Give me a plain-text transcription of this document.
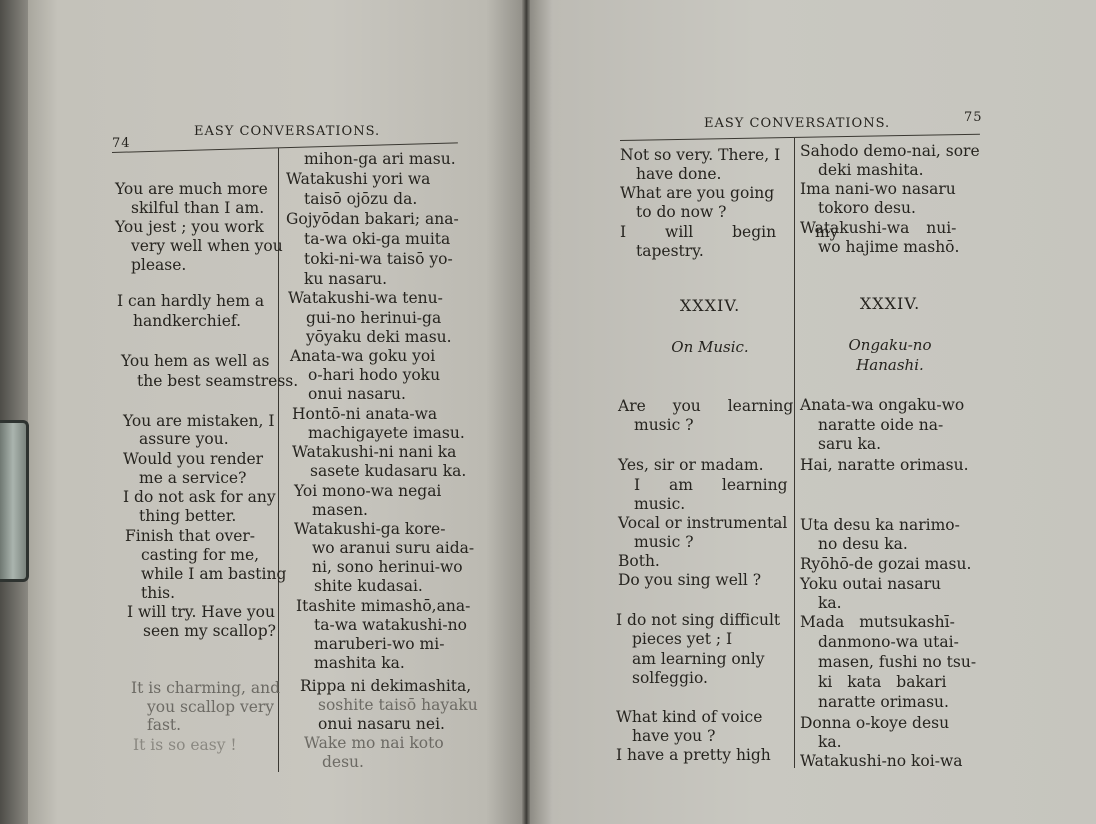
74
EASY CONVERSATIONS.
You are much more
skilful than I am.
You jest ; you work
very well when you
please.
I can hardly hem a
handkerchief.
You hem as well as
the best seamstress.
You are mistaken, I
assure you.
Would you render
me a service?
I do not ask for any
thing better.
Finish that over-
casting for me,
while I am basting
this.
I will try. Have you
seen my scallop?
It is charming, and
you scallop very
fast.
It is so easy !
mihon-ga ari masu.
Watakushi yori wa
taisō ojōzu da.
Gojyōdan bakari; ana-
ta-wa oki-ga muita
toki-ni-wa taisō yo-
ku nasaru.
Watakushi-wa tenu-
gui-no herinui-ga
yōyaku deki masu.
Anata-wa goku yoi
o-hari hodo yoku
onui nasaru.
Hontō-ni anata-wa
machigayete imasu.
Watakushi-ni nani ka
sasete kudasaru ka.
Yoi mono-wa negai
masen.
Watakushi-ga kore-
wo aranui suru aida-
ni, sono herinui-wo
shite kudasai.
Itashite mimashō,ana-
ta-wa watakushi-no
maruberi-wo mi-
mashita ka.
Rippa ni dekimashita,
soshite taisō hayaku
onui nasaru nei.
Wake mo nai koto
desu.
EASY CONVERSATIONS.	75
Not so very. There, I
have done.
What are you going
to do now ?
I will begin my
tapestry.
XXXIV.
On Music.
Are you learning
music ?
Yes, sir or madam.
I am learning
music.
Vocal or instrumental
music ?
Both.
Do you sing well ?
I do not sing difficult
pieces yet ; I
am learning only
solfeggio.
What kind of voice
have you ?
I have a pretty high
Sahodo demo-nai, sore
deki mashita.
Ima nani-wo nasaru
tokoro desu.
Watakushi-wa nui-
wo hajime mashō.
XXXIV.
Ongaku-no
Hanashi.
Anata-wa ongaku-wo
naratte oide na-
saru ka.
Hai, naratte orimasu.
Uta desu ka narimo-
no desu ka.
Ryōhō-de gozai masu.
Yoku outai nasaru
ka.
Mada mutsukashī-
danmono-wa utai-
masen, fushi no tsu-
ki kata bakari
naratte orimasu.
Donna o-koye desu
ka.
Watakushi-no koi-wa
